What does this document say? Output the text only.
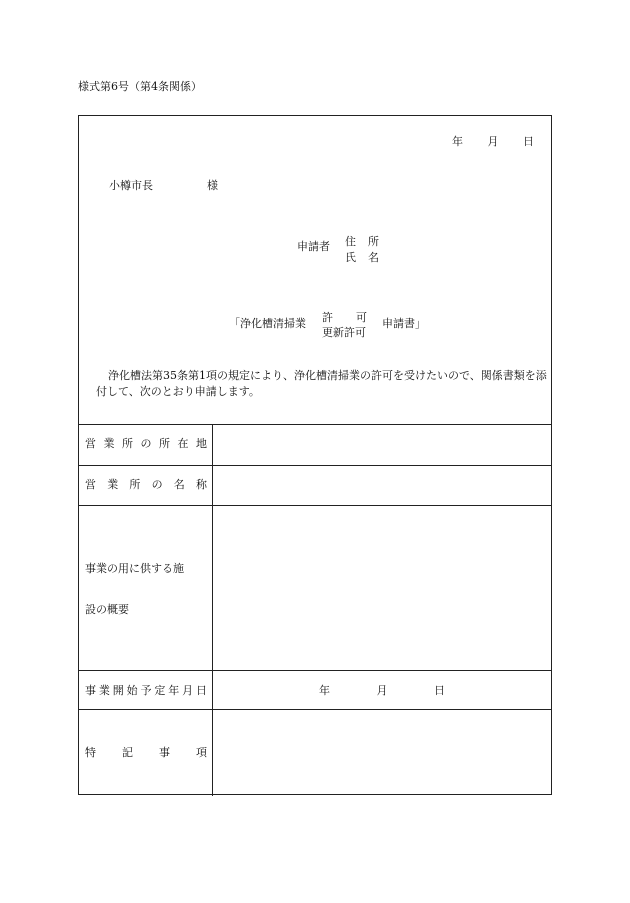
様式第6号（第4条関係）
年 月 日
小樽市長	様
申請者 住 所
氏 名
「浄化槽清掃業 許 可
更新許可
申請書」
浄化槽法第35条第1項の規定により、浄化槽清掃業の許可を受けたいので、関係書類を添付して、次のとおり申請します。
営 業 所 の 所 在 地
営 業 所 の 名 称
事業の用に供する施
設の概要
事 業 開 始 予 定 年 月 日	年	月	日
特 記 事 項
